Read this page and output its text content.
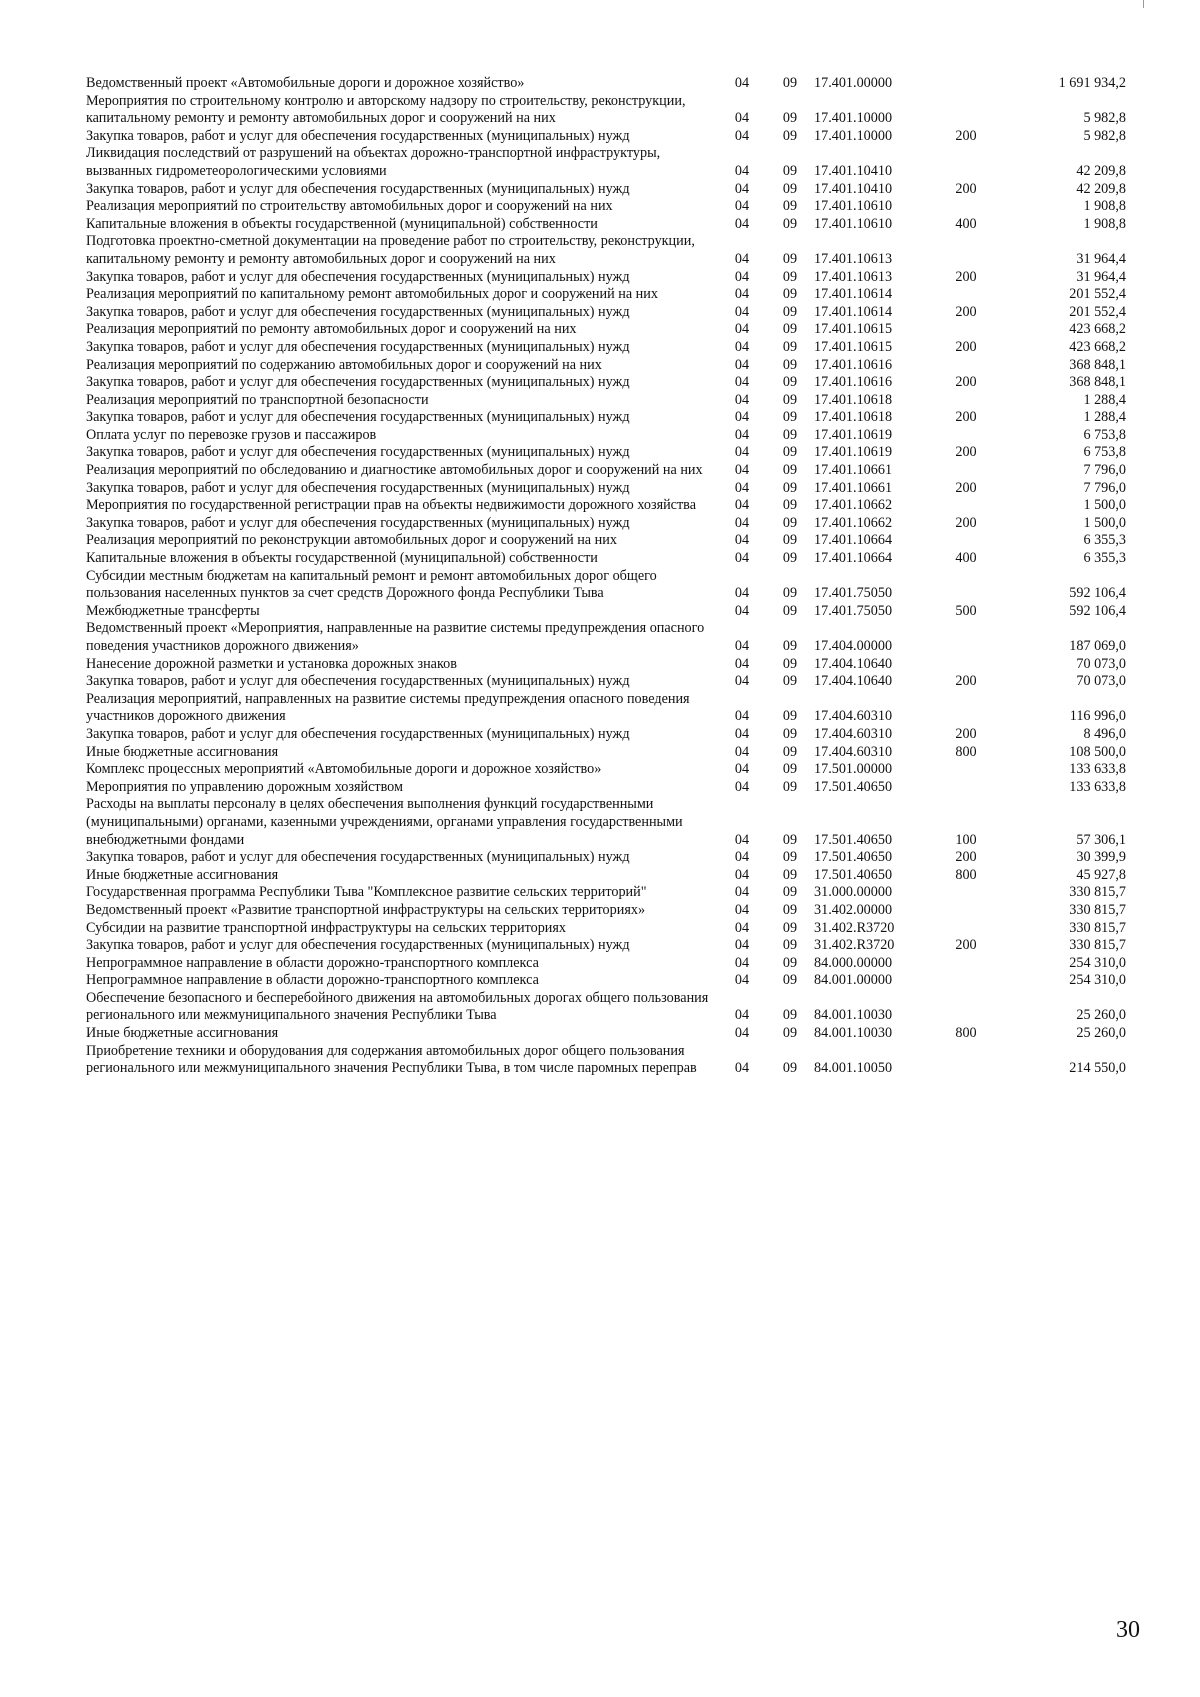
Ведомственный проект «Автомобильные дороги и дорожное хозяйство»	04	09	17.401.00000		1 691 934,2
Мероприятия по строительному контролю и авторскому надзору по строительству, реконструкции, капитальному ремонту и ремонту автомобильных дорог и сооружений на них	04	09	17.401.10000		5 982,8
Закупка товаров, работ и услуг для обеспечения государственных (муниципальных) нужд	04	09	17.401.10000	200	5 982,8
Ликвидация последствий от разрушений на объектах дорожно-транспортной инфраструктуры, вызванных гидрометеорологическими условиями	04	09	17.401.10410		42 209,8
Закупка товаров, работ и услуг для обеспечения государственных (муниципальных) нужд	04	09	17.401.10410	200	42 209,8
Реализация мероприятий по строительству автомобильных дорог и сооружений на них	04	09	17.401.10610		1 908,8
Капитальные вложения в объекты государственной (муниципальной) собственности	04	09	17.401.10610	400	1 908,8
Подготовка проектно-сметной документации на проведение работ по строительству, реконструкции, капитальному ремонту и ремонту автомобильных дорог и сооружений на них	04	09	17.401.10613		31 964,4
Закупка товаров, работ и услуг для обеспечения государственных (муниципальных) нужд	04	09	17.401.10613	200	31 964,4
Реализация мероприятий по капитальному ремонт автомобильных дорог и сооружений на них	04	09	17.401.10614		201 552,4
Закупка товаров, работ и услуг для обеспечения государственных (муниципальных) нужд	04	09	17.401.10614	200	201 552,4
Реализация мероприятий по ремонту автомобильных дорог и сооружений на них	04	09	17.401.10615		423 668,2
Закупка товаров, работ и услуг для обеспечения государственных (муниципальных) нужд	04	09	17.401.10615	200	423 668,2
Реализация мероприятий по содержанию автомобильных дорог и сооружений на них	04	09	17.401.10616		368 848,1
Закупка товаров, работ и услуг для обеспечения государственных (муниципальных) нужд	04	09	17.401.10616	200	368 848,1
Реализация мероприятий по транспортной безопасности	04	09	17.401.10618		1 288,4
Закупка товаров, работ и услуг для обеспечения государственных (муниципальных) нужд	04	09	17.401.10618	200	1 288,4
Оплата услуг по перевозке грузов и пассажиров	04	09	17.401.10619		6 753,8
Закупка товаров, работ и услуг для обеспечения государственных (муниципальных) нужд	04	09	17.401.10619	200	6 753,8
Реализация мероприятий по обследованию и диагностике автомобильных дорог и сооружений на них	04	09	17.401.10661		7 796,0
Закупка товаров, работ и услуг для обеспечения государственных (муниципальных) нужд	04	09	17.401.10661	200	7 796,0
Мероприятия по государственной регистрации прав на объекты недвижимости дорожного хозяйства	04	09	17.401.10662		1 500,0
Закупка товаров, работ и услуг для обеспечения государственных (муниципальных) нужд	04	09	17.401.10662	200	1 500,0
Реализация мероприятий по реконструкции автомобильных дорог и сооружений на них	04	09	17.401.10664		6 355,3
Капитальные вложения в объекты государственной (муниципальной) собственности	04	09	17.401.10664	400	6 355,3
Субсидии местным бюджетам на капитальный ремонт и ремонт автомобильных дорог общего пользования населенных пунктов за счет средств Дорожного фонда Республики Тыва	04	09	17.401.75050		592 106,4
Межбюджетные трансферты	04	09	17.401.75050	500	592 106,4
Ведомственный проект «Мероприятия, направленные на развитие системы предупреждения опасного поведения участников дорожного движения»	04	09	17.404.00000		187 069,0
Нанесение дорожной разметки и установка дорожных знаков	04	09	17.404.10640		70 073,0
Закупка товаров, работ и услуг для обеспечения государственных (муниципальных) нужд	04	09	17.404.10640	200	70 073,0
Реализация мероприятий, направленных на развитие системы предупреждения опасного поведения участников дорожного движения	04	09	17.404.60310		116 996,0
Закупка товаров, работ и услуг для обеспечения государственных (муниципальных) нужд	04	09	17.404.60310	200	8 496,0
Иные бюджетные ассигнования	04	09	17.404.60310	800	108 500,0
Комплекс процессных мероприятий «Автомобильные дороги и дорожное хозяйство»	04	09	17.501.00000		133 633,8
Мероприятия по управлению дорожным хозяйством	04	09	17.501.40650		133 633,8
Расходы на выплаты персоналу в целях обеспечения выполнения функций государственными (муниципальными) органами, казенными учреждениями, органами управления государственными внебюджетными фондами	04	09	17.501.40650	100	57 306,1
Закупка товаров, работ и услуг для обеспечения государственных (муниципальных) нужд	04	09	17.501.40650	200	30 399,9
Иные бюджетные ассигнования	04	09	17.501.40650	800	45 927,8
Государственная программа Республики Тыва "Комплексное развитие сельских территорий"	04	09	31.000.00000		330 815,7
Ведомственный проект «Развитие транспортной инфраструктуры на сельских территориях»	04	09	31.402.00000		330 815,7
Субсидии на развитие транспортной инфраструктуры на сельских территориях	04	09	31.402.R3720		330 815,7
Закупка товаров, работ и услуг для обеспечения государственных (муниципальных) нужд	04	09	31.402.R3720	200	330 815,7
Непрограммное направление в области дорожно-транспортного комплекса	04	09	84.000.00000		254 310,0
Непрограммное направление в области дорожно-транспортного комплекса	04	09	84.001.00000		254 310,0
Обеспечение безопасного и бесперебойного движения на автомобильных дорогах общего пользования регионального или межмуниципального значения Республики Тыва	04	09	84.001.10030		25 260,0
Иные бюджетные ассигнования	04	09	84.001.10030	800	25 260,0
Приобретение техники и оборудования для содержания автомобильных дорог общего пользования регионального или межмуниципального значения Республики Тыва, в том числе паромных переправ	04	09	84.001.10050		214 550,0
30
